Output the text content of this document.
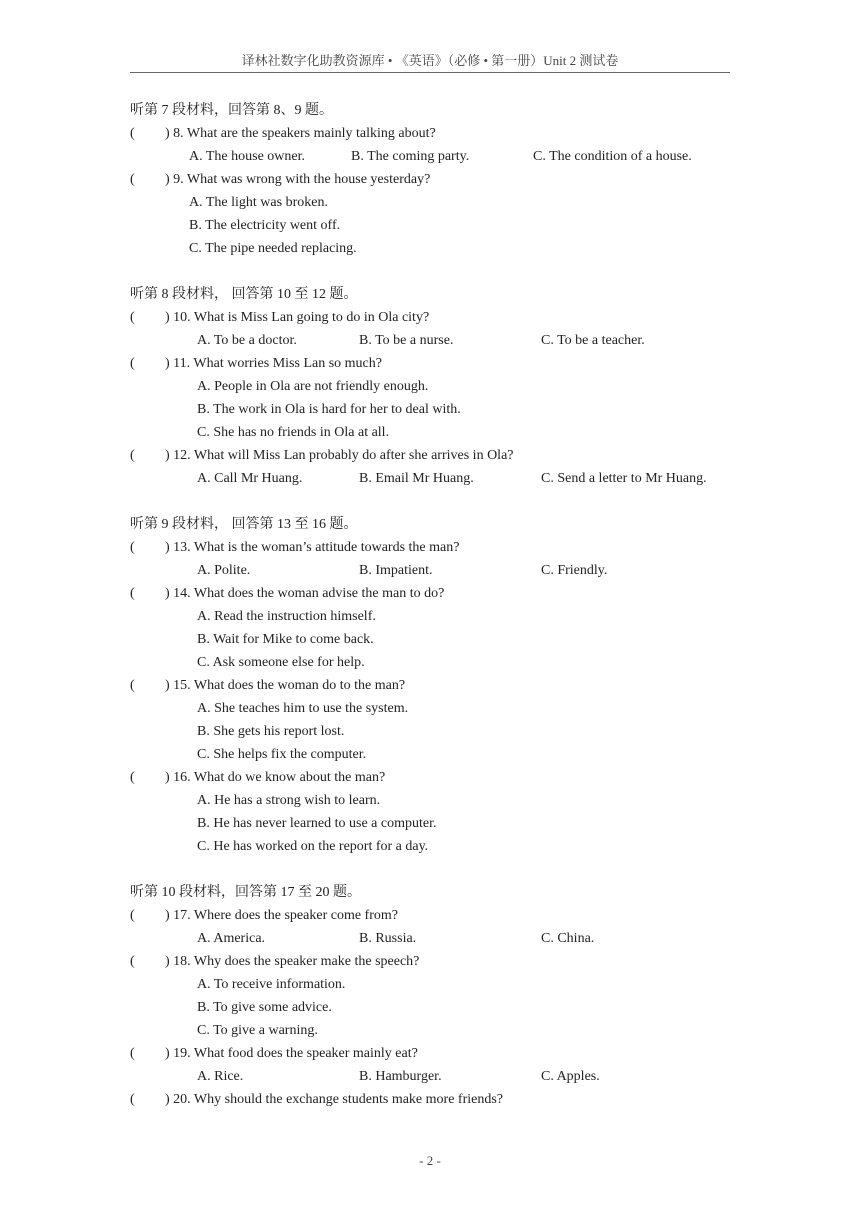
译林社数字化助教资源库 • 《英语》（必修 • 第一册）Unit 2 测试卷
听第 7 段材料，回答第 8、9 题。
( ) 8. What are the speakers mainly talking about?
A. The house owner.	B. The coming party.	C. The condition of a house.
( ) 9. What was wrong with the house yesterday?
A. The light was broken.
B. The electricity went off.
C. The pipe needed replacing.
听第 8 段材料， 回答第 10 至 12 题。
( ) 10. What is Miss Lan going to do in Ola city?
A. To be a doctor.	B. To be a nurse.	C. To be a teacher.
( ) 11. What worries Miss Lan so much?
A. People in Ola are not friendly enough.
B. The work in Ola is hard for her to deal with.
C. She has no friends in Ola at all.
( ) 12. What will Miss Lan probably do after she arrives in Ola?
A. Call Mr Huang.	B. Email Mr Huang.	C. Send a letter to Mr Huang.
听第 9 段材料， 回答第 13 至 16 题。
( ) 13. What is the woman’s attitude towards the man?
A. Polite.	B. Impatient.	C. Friendly.
( ) 14. What does the woman advise the man to do?
A. Read the instruction himself.
B. Wait for Mike to come back.
C. Ask someone else for help.
( ) 15. What does the woman do to the man?
A. She teaches him to use the system.
B. She gets his report lost.
C. She helps fix the computer.
( ) 16. What do we know about the man?
A. He has a strong wish to learn.
B. He has never learned to use a computer.
C. He has worked on the report for a day.
听第 10 段材料，回答第 17 至 20 题。
( ) 17. Where does the speaker come from?
A. America.	B. Russia.	C. China.
( ) 18. Why does the speaker make the speech?
A. To receive information.
B. To give some advice.
C. To give a warning.
( ) 19. What food does the speaker mainly eat?
A. Rice.	B. Hamburger.	C. Apples.
( ) 20. Why should the exchange students make more friends?
- 2 -
